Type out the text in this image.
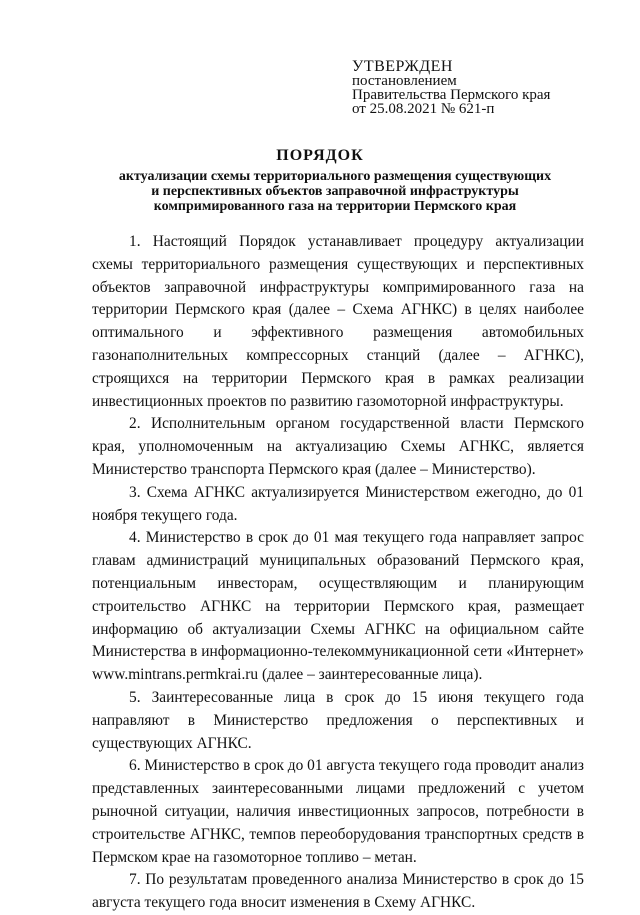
УТВЕРЖДЕН
постановлением
Правительства Пермского края
от 25.08.2021 № 621-п
ПОРЯДОК
актуализации схемы территориального размещения существующих
и перспективных объектов заправочной инфраструктуры
компримированного газа на территории Пермского края

1. Настоящий Порядок устанавливает процедуру актуализации схемы территориального размещения существующих и перспективных объектов заправочной инфраструктуры компримированного газа на территории Пермского края (далее – Схема АГНКС) в целях наиболее оптимального и эффективного размещения автомобильных газонаполнительных компрессорных станций (далее – АГНКС), строящихся на территории Пермского края в рамках реализации инвестиционных проектов по развитию газомоторной инфраструктуры.

2. Исполнительным органом государственной власти Пермского края, уполномоченным на актуализацию Схемы АГНКС, является Министерство транспорта Пермского края (далее – Министерство).

3. Схема АГНКС актуализируется Министерством ежегодно, до 01 ноября текущего года.

4. Министерство в срок до 01 мая текущего года направляет запрос главам администраций муниципальных образований Пермского края, потенциальным инвесторам, осуществляющим и планирующим строительство АГНКС на территории Пермского края, размещает информацию об актуализации Схемы АГНКС на официальном сайте Министерства в информационно-телекоммуникационной сети «Интернет» www.mintrans.permkrai.ru (далее – заинтересованные лица).

5. Заинтересованные лица в срок до 15 июня текущего года направляют в Министерство предложения о перспективных и существующих АГНКС.

6. Министерство в срок до 01 августа текущего года проводит анализ представленных заинтересованными лицами предложений с учетом рыночной ситуации, наличия инвестиционных запросов, потребности в строительстве АГНКС, темпов переоборудования транспортных средств в Пермском крае на газомоторное топливо – метан.

7. По результатам проведенного анализа Министерство в срок до 15 августа текущего года вносит изменения в Схему АГНКС.
